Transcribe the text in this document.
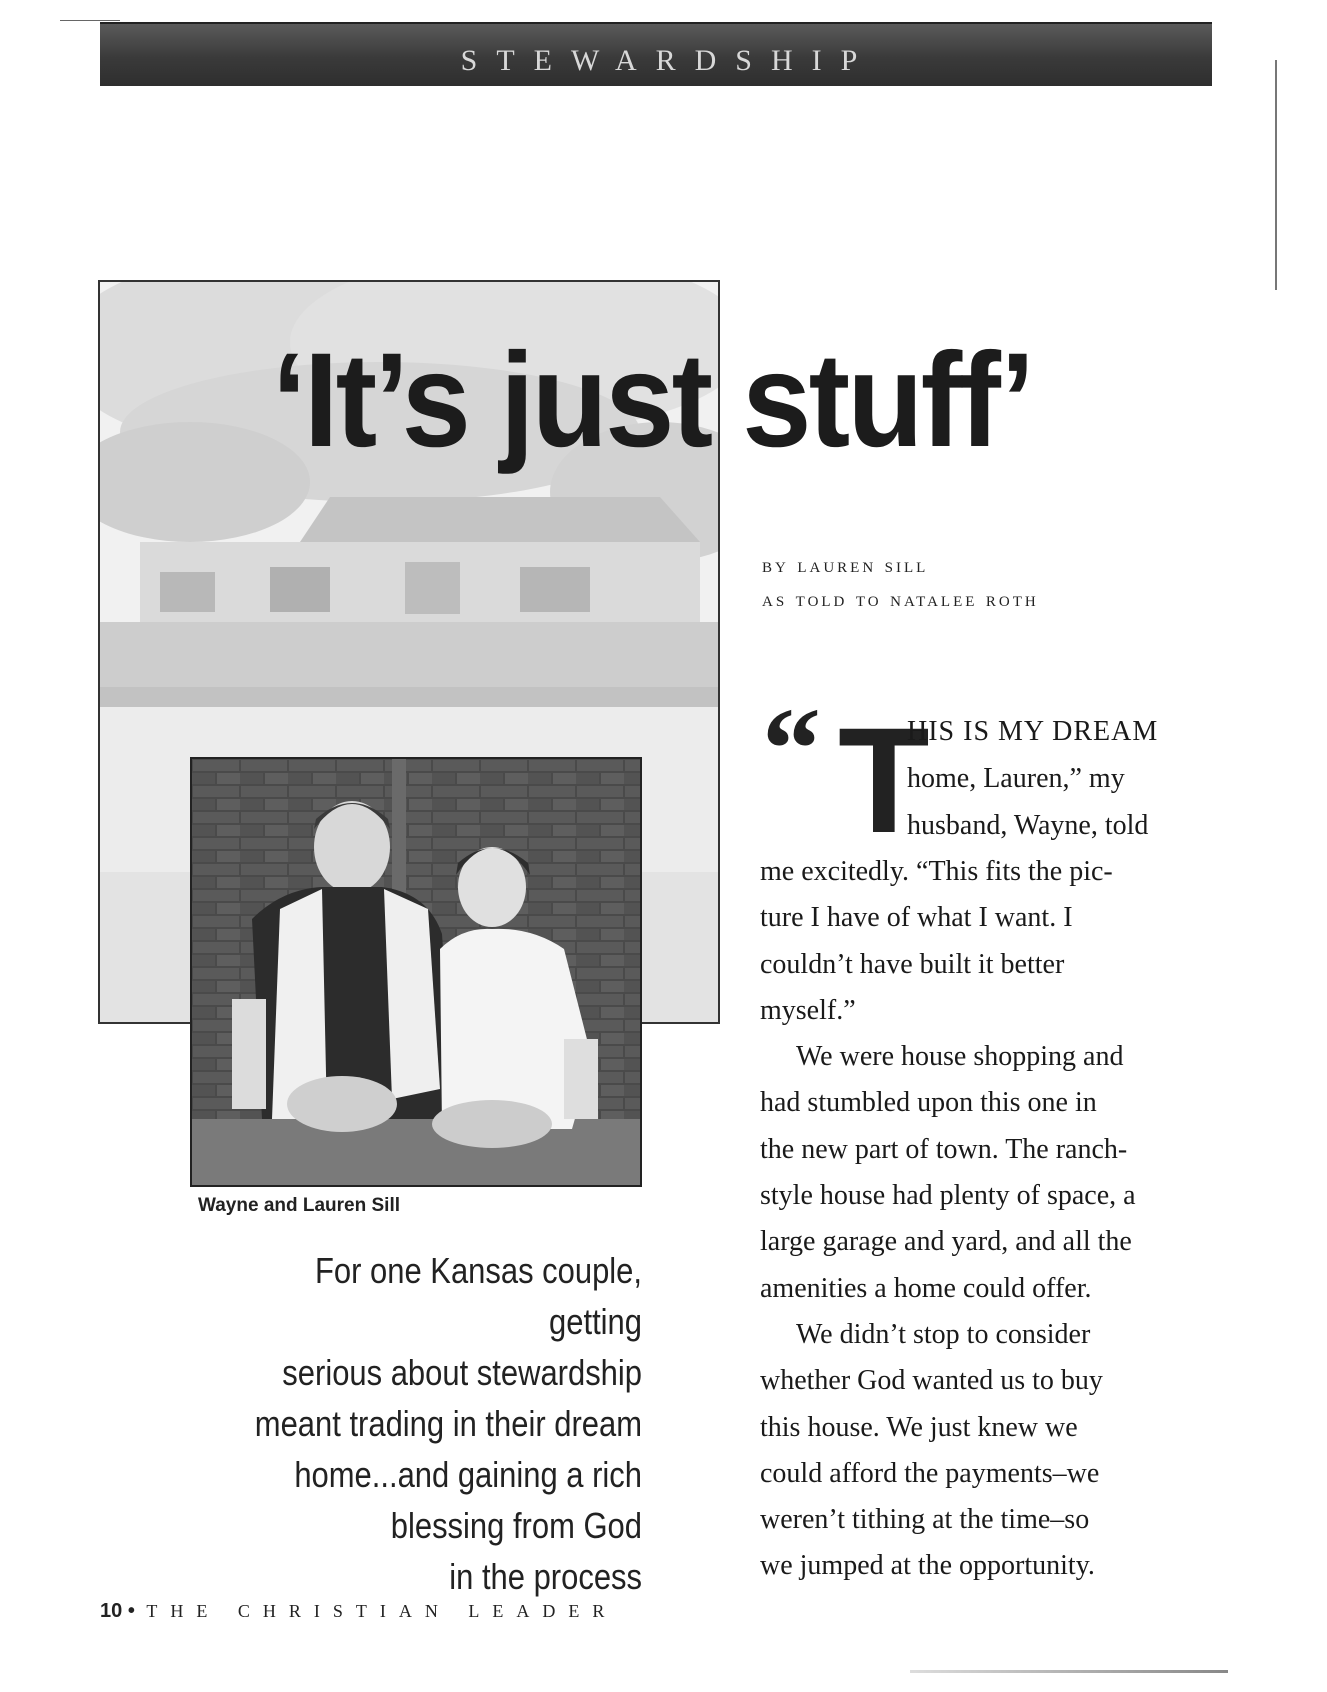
STEWARDSHIP
‘It’s just stuff’
by lauren sill
as told to natalee roth
Wayne and Lauren Sill
For one Kansas couple, getting
serious about stewardship
meant trading in their dream
home...and gaining a rich
blessing from God
in the process
“ T
HIS IS MY DREAM
home, Lauren,” my
husband, Wayne, told
me excitedly. “This fits the pic-
ture I have of what I want. I
couldn’t have built it better
myself.”
We were house shopping and
had stumbled upon this one in
the new part of town. The ranch-
style house had plenty of space, a
large garage and yard, and all the
amenities a home could offer.
We didn’t stop to consider
whether God wanted us to buy
this house. We just knew we
could afford the payments–we
weren’t tithing at the time–so
we jumped at the opportunity.
10 • THE CHRISTIAN LEADER
